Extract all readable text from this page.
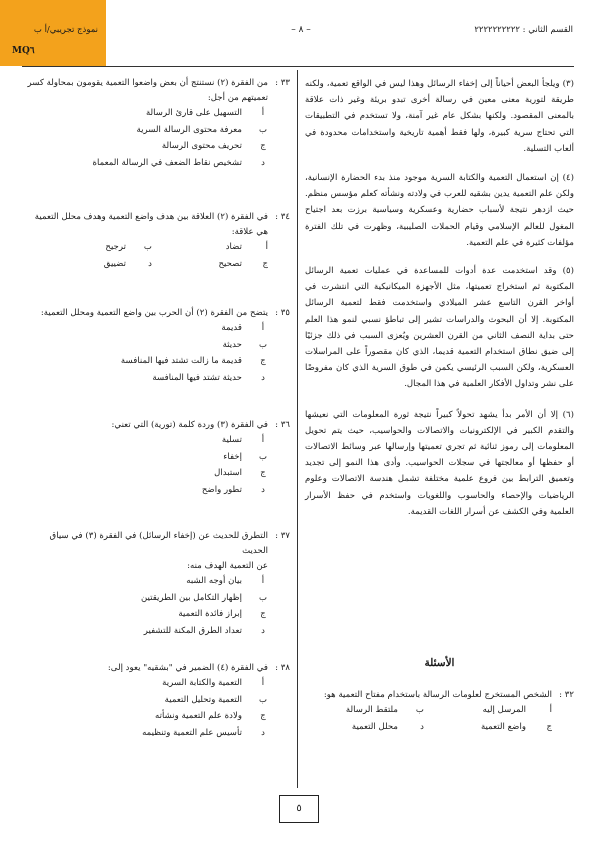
نموذج تجريبي/أ ب
MQ٦
– ٨ –	القسم الثاني : ٢٢٢٢٢٢٢٢٢٢

(٣) ويلجأ البعض أحياناً إلى إخفاء الرسائل وهذا ليس في الواقع تعمية، ولكنه طريقة لتورية معنى معين في رسالة أخرى تبدو بريئة وغير ذات علاقة بالمعنى المقصود. ولكنها بشكل عام غير آمنة، ولا تستخدم في التطبيقات التي تحتاج سرية كبيرة، ولها فقط أهمية تاريخية واستخدامات محدودة في ألعاب التسلية.

(٤) إن استعمال التعمية والكتابة السرية موجود منذ بدء الحضارة الإنسانية، ولكن علم التعمية يدين بشقيه للعرب في ولادته ونشأته كعلم مؤسس منظم. حيث ازدهر نتيجة لأسباب حضارية وعسكرية وسياسية برزت بعد اجتياح المغول للعالم الإسلامي وقيام الحملات الصليبية، وظهرت في تلك الفترة مؤلفات كثيرة في علم التعمية.

(٥) وقد استخدمت عدة أدوات للمساعدة في عمليات تعمية الرسائل المكتوبة ثم استخراج تعميتها، مثل الأجهزة الميكانيكية التي انتشرت في أواخر القرن التاسع عشر الميلادي واستخدمت فقط لتعمية الرسائل المكتوبة. إلا أن البحوث والدراسات تشير إلى تباطؤ نسبي لنمو هذا العلم حتى بداية النصف الثاني من القرن العشرين ويُعزى السبب في ذلك جزئيًا إلى ضيق نطاق استخدام التعمية قديما، الذي كان مقصوراً على المراسلات العسكرية، ولكن السبب الرئيسي يكمن في طوق السرية الذي كان مفروضًا على نشر وتداول الأفكار العلمية في هذا المجال.

(٦) إلا أن الأمر بدأ يشهد تحولاً كبيراً نتيجة ثورة المعلومات التي نعيشها والتقدم الكبير في الإلكترونيات والاتصالات والحواسيب، حيث يتم تحويل المعلومات إلى رموز ثنائية ثم تجري تعميتها وإرسالها عبر وسائط الاتصالات أو حفظها أو معالجتها في سجلات الحواسيب. وأدى هذا النمو إلى تجديد وتعميق الترابط بين فروع علمية مختلفة تشمل هندسة الاتصالات وعلوم الرياضيات والإحصاء والحاسوب واللغويات واستخدم في حفظ الأسرار العلمية وفي الكشف عن أسرار اللغات القديمة.

الأسئلة

٣٢ :
الشخص المستخرج لعلومات الرسالة باستخدام مفتاح التعمية هو:
أ
المرسل إليه
ب
ملتقط الرسالة
ج
واضع التعمية
د
محلل التعمية
٣٣ :
من الفقرة (٢) نستنتج أن بعض واضعوا التعمية يقومون بمحاولة كسر
تعميتهم من أجل:
أ
التسهيل على قارئ الرسالة
ب
معرفة محتوى الرسالة السرية
ج
تحريف محتوى الرسالة
د
تشخيص نقاط الضعف في الرسالة المعماة
٣٤ :
في الفقرة (٢) العلاقة بين هدف واضع التعمية وهدف محلل التعمية
هي علاقة:
أ
تضاد
ب
ترجيح
ج
تصحيح
د
تضييق
٣٥ :
يتضح من الفقرة (٢) أن الحرب بين واضع التعمية ومحلل التعمية:
أ
قديمة
ب
حديثة
ج
قديمة ما زالت تشتد فيها المنافسة
د
حديثة تشتد فيها المنافسة
٣٦ :
في الفقرة (٣) وردة كلمة (تورية) التي تعني:
أ
تسلية
ب
إخفاء
ج
استبدال
د
تطور واضح
٣٧ :
التطرق للحديث عن (إخفاء الرسائل) في الفقرة (٣) في سياق الحديث
عن التعمية الهدف منه:
أ
بيان أوجه الشبه
ب
إظهار التكامل بين الطريقتين
ج
إبراز فائدة التعمية
د
تعداد الطرق المكنة للتشفير
٣٨ :
في الفقرة (٤) الضمير في "بشقيه" يعود إلى:
أ
التعمية والكتابة السرية
ب
التعمية وتحليل التعمية
ج
ولادة علم التعمية ونشأته
د
تأسيس علم التعمية وتنظيمه
٥
